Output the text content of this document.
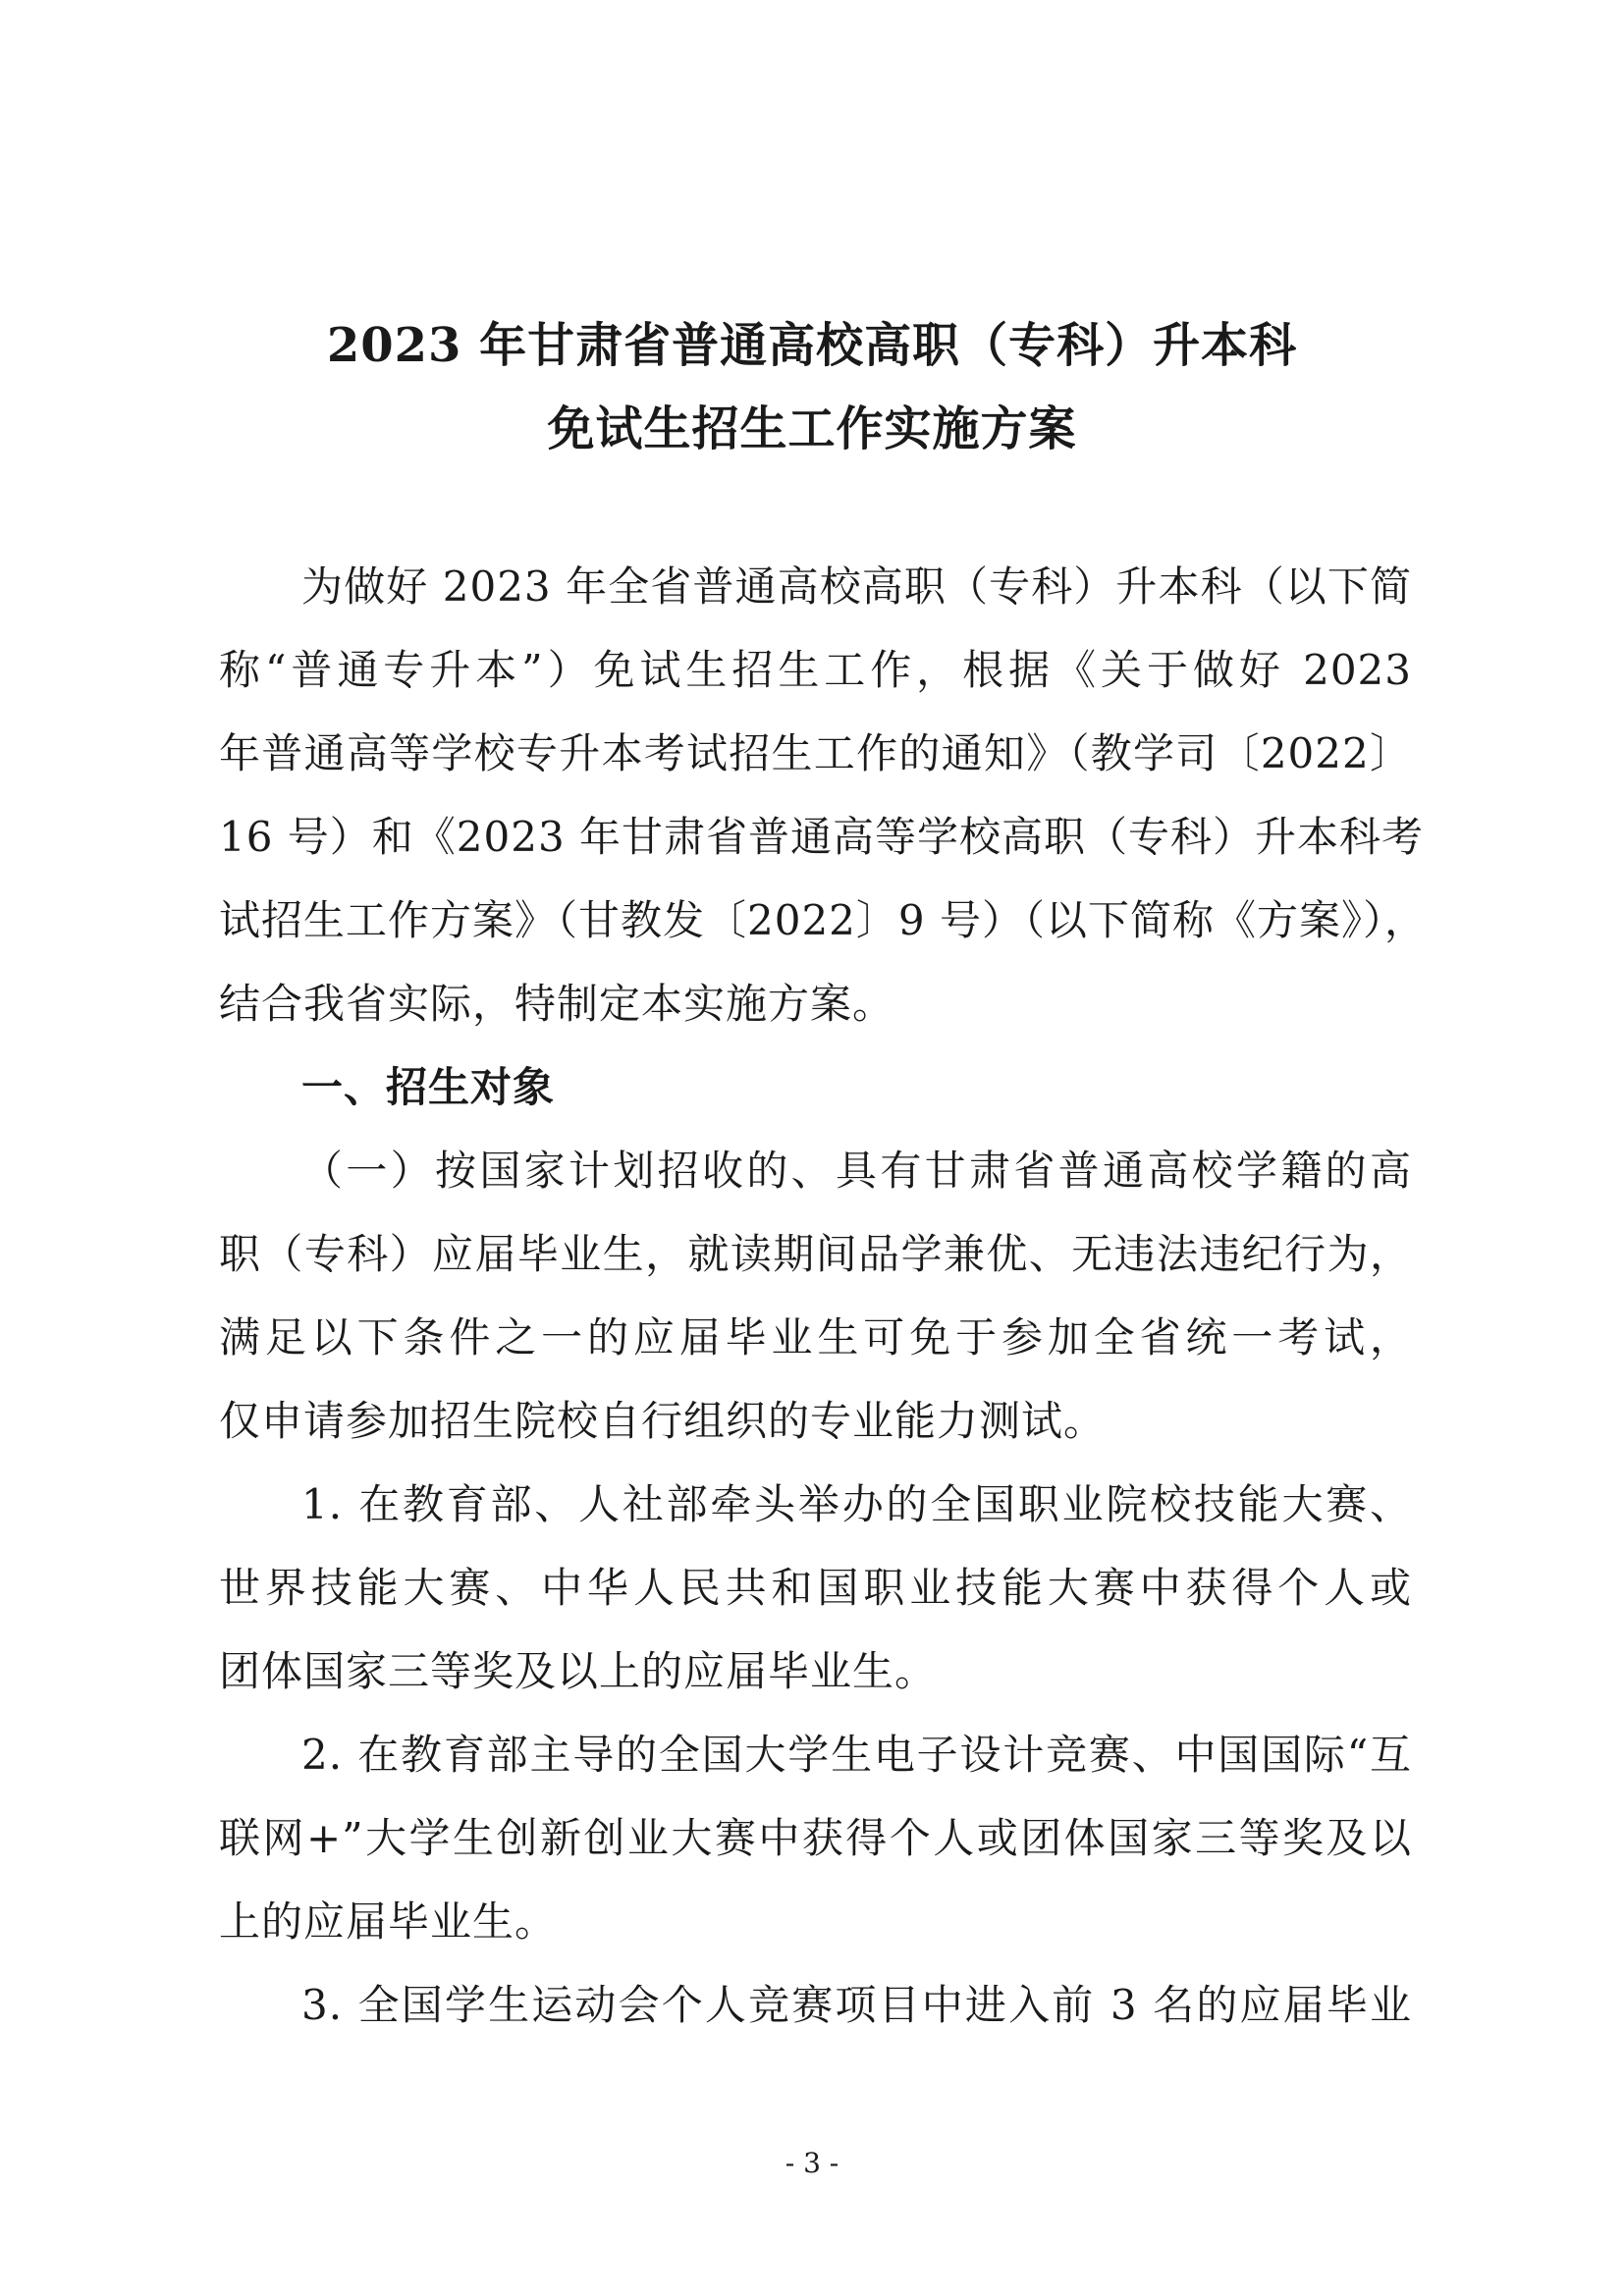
2023 年甘肃省普通高校高职（专科）升本科
免试生招生工作实施方案
为做好 2023 年全省普通高校高职（专科）升本科（以下简
称“普通专升本”）免试生招生工作，根据《关于做好 2023
年普通高等学校专升本考试招生工作的通知》（教学司〔2022〕
16 号）和《2023 年甘肃省普通高等学校高职（专科）升本科考
试招生工作方案》（甘教发〔2022〕9 号）（以下简称《方案》），
结合我省实际，特制定本实施方案。
一、招生对象
（一）按国家计划招收的、具有甘肃省普通高校学籍的高
职（专科）应届毕业生，就读期间品学兼优、无违法违纪行为，
满足以下条件之一的应届毕业生可免于参加全省统一考试，
仅申请参加招生院校自行组织的专业能力测试。
1. 在教育部、人社部牵头举办的全国职业院校技能大赛、
世界技能大赛、中华人民共和国职业技能大赛中获得个人或
团体国家三等奖及以上的应届毕业生。
2. 在教育部主导的全国大学生电子设计竞赛、中国国际“互
联网+”大学生创新创业大赛中获得个人或团体国家三等奖及以
上的应届毕业生。
3. 全国学生运动会个人竞赛项目中进入前 3 名的应届毕业
- 3 -
